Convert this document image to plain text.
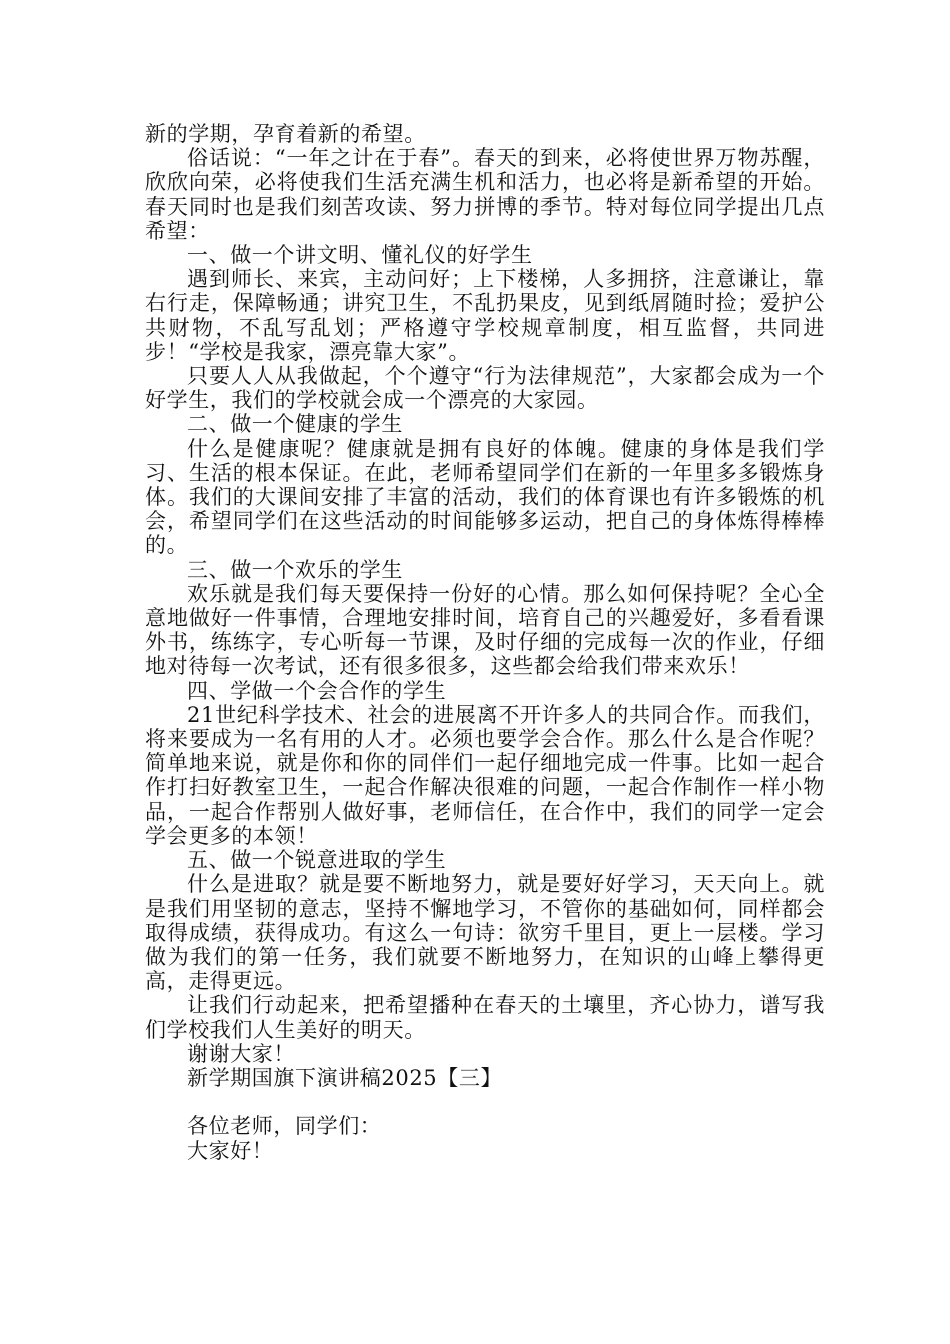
新的学期，孕育着新的希望。

俗话说：“一年之计在于春”。春天的到来，必将使世界万物苏醒，欣欣向荣，必将使我们生活充满生机和活力，也必将是新希望的开始。春天同时也是我们刻苦攻读、努力拼博的季节。特对每位同学提出几点希望：

一、做一个讲文明、懂礼仪的好学生

遇到师长、来宾，主动问好；上下楼梯，人多拥挤，注意谦让，靠右行走，保障畅通；讲究卫生，不乱扔果皮，见到纸屑随时捡；爱护公共财物，不乱写乱划；严格遵守学校规章制度，相互监督，共同进步！“学校是我家，漂亮靠大家”。

只要人人从我做起，个个遵守“行为法律规范”，大家都会成为一个好学生，我们的学校就会成一个漂亮的大家园。

二、做一个健康的学生

什么是健康呢？健康就是拥有良好的体魄。健康的身体是我们学习、生活的根本保证。在此，老师希望同学们在新的一年里多多锻炼身体。我们的大课间安排了丰富的活动，我们的体育课也有许多锻炼的机会，希望同学们在这些活动的时间能够多运动，把自己的身体炼得棒棒的。

三、做一个欢乐的学生

欢乐就是我们每天要保持一份好的心情。那么如何保持呢？全心全意地做好一件事情，合理地安排时间，培育自己的兴趣爱好，多看看课外书，练练字，专心听每一节课，及时仔细的完成每一次的作业，仔细地对待每一次考试，还有很多很多，这些都会给我们带来欢乐！

四、学做一个会合作的学生

21世纪科学技术、社会的进展离不开许多人的共同合作。而我们，将来要成为一名有用的人才。必须也要学会合作。那么什么是合作呢？简单地来说，就是你和你的同伴们一起仔细地完成一件事。比如一起合作打扫好教室卫生，一起合作解决很难的问题，一起合作制作一样小物品，一起合作帮别人做好事，老师信任，在合作中，我们的同学一定会学会更多的本领！

五、做一个锐意进取的学生

什么是进取？就是要不断地努力，就是要好好学习，天天向上。就是我们用坚韧的意志，坚持不懈地学习，不管你的基础如何，同样都会取得成绩，获得成功。有这么一句诗：欲穷千里目，更上一层楼。学习做为我们的第一任务，我们就要不断地努力，在知识的山峰上攀得更高，走得更远。

让我们行动起来，把希望播种在春天的土壤里，齐心协力，谱写我们学校我们人生美好的明天。

谢谢大家！

新学期国旗下演讲稿2025【三】

各位老师，同学们：

大家好！
